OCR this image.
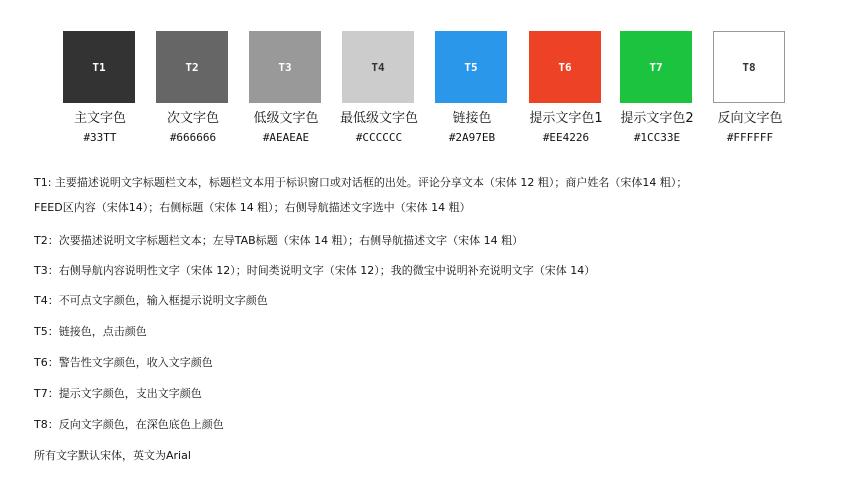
T1
主文字色
#33TT
T2
次文字色
#666666
T3
低级文字色
#AEAEAE
T4
最低级文字色
#CCCCCC
T5
链接色
#2A97EB
T6
提示文字色1
#EE4226
T7
提示文字色2
#1CC33E
T8
反向文字色
#FFFFFF
T1: 主要描述说明文字标题栏文本，标题栏文本用于标识窗口或对话框的出处。评论分享文本（宋体 12 粗）；商户姓名（宋体14 粗）；
FEED区内容（宋体14）；右侧标题（宋体 14 粗）；右侧导航描述文字选中（宋体 14 粗）
T2：次要描述说明文字标题栏文本；左导TAB标题（宋体 14 粗）；右侧导航描述文字（宋体 14 粗）
T3：右侧导航内容说明性文字（宋体 12）；时间类说明文字（宋体 12）；我的微宝中说明补充说明文字（宋体 14）
T4：不可点文字颜色，输入框提示说明文字颜色
T5：链接色，点击颜色
T6：警告性文字颜色，收入文字颜色
T7：提示文字颜色，支出文字颜色
T8：反向文字颜色，在深色底色上颜色
所有文字默认宋体，英文为Arial
